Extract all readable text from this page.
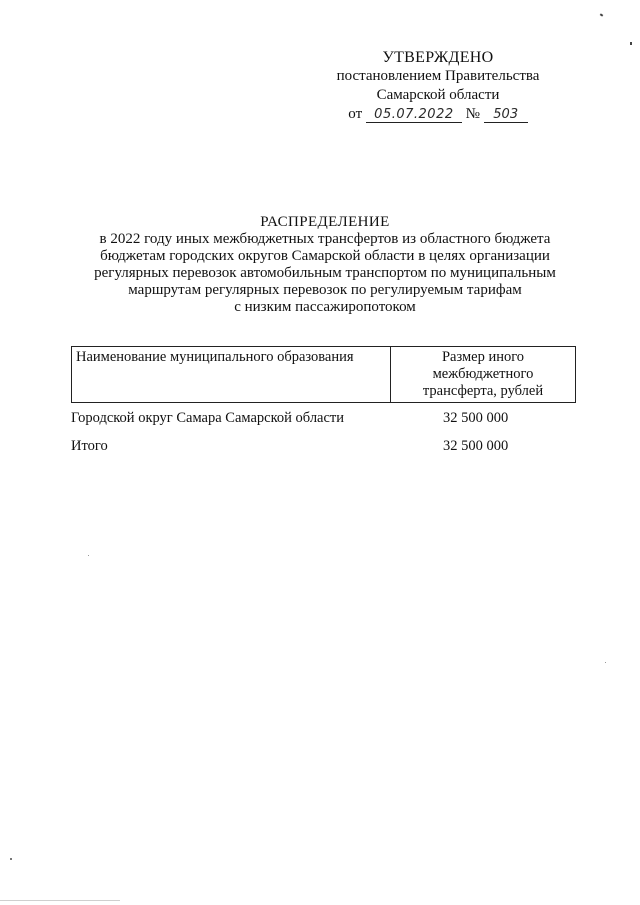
УТВЕРЖДЕНО
постановлением Правительства
Самарской области
от 05.07.2022 № 503
РАСПРЕДЕЛЕНИЕ
в 2022 году иных межбюджетных трансфертов из областного бюджета
бюджетам городских округов Самарской области в целях организации
регулярных перевозок автомобильным транспортом по муниципальным
маршрутам регулярных перевозок по регулируемым тарифам
с низким пассажиропотоком
Наименование муниципального образования	Размер иного
межбюджетного
трансферта, рублей
Городской округ Самара Самарской области	32 500 000
Итого	32 500 000
